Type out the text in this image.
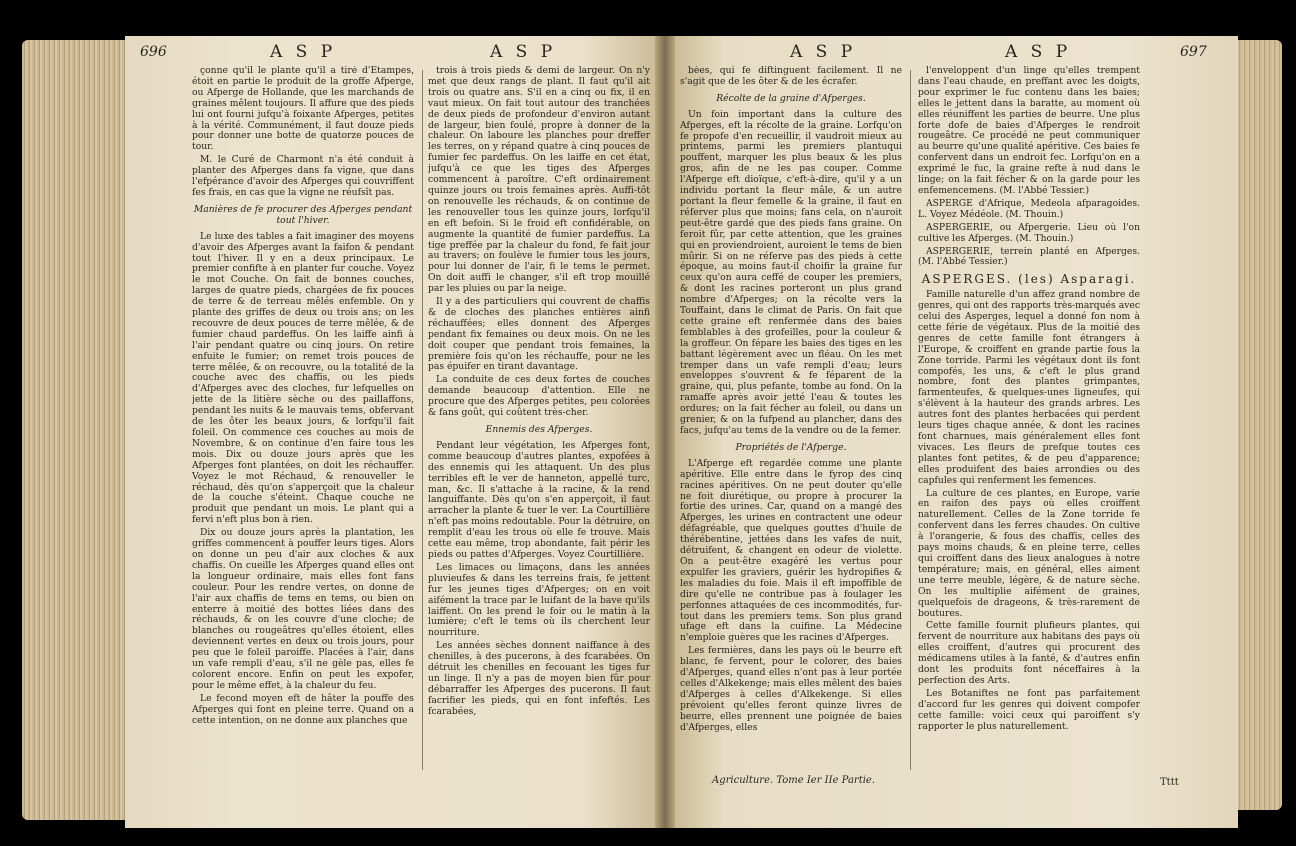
696	A S P	A S P	A S P	A S P	697

çonne qu'il le plante qu'il a tiré d'Etampes, étoit en partie le produit de la groffe Afperge, ou Afperge de Hollande, que les marchands de graines mêlent toujours. Il affure que des pieds lui ont fourni jufqu'à foixante Afperges, petites à la vérité. Communément, il faut douze pieds pour donner une botte de quatorze pouces de tour.

M. le Curé de Charmont n'a été conduit à planter des Afperges dans fa vigne, que dans l'efpérance d'avoir des Afperges qui couvriffent fes frais, en cas que la vigne ne réufsît pas.

Manières de fe procurer des Afperges pendant tout l'hiver.

Le luxe des tables a fait imaginer des moyens d'avoir des Afperges avant la faifon & pendant tout l'hiver. Il y en a deux principaux. Le premier confifte à en planter fur couche. Voyez le mot Couche. On fait de bonnes couches, larges de quatre pieds, chargées de fix pouces de terre & de terreau mêlés enfemble. On y plante des griffes de deux ou trois ans; on les recouvre de deux pouces de terre mêlée, & de fumier chaud pardeffus. On les laiffe ainfi à l'air pendant quatre ou cinq jours. On retire enfuite le fumier; on remet trois pouces de terre mêlée, & on recouvre, ou la totalité de la couche avec des chaffis, ou les pieds d'Afperges avec des cloches, fur lefquelles on jette de la litière sèche ou des paillaffons, pendant les nuits & le mauvais tems, obfervant de les ôter les beaux jours, & lorfqu'il fait foleil. On commence ces couches au mois de Novembre, & on continue d'en faire tous les mois. Dix ou douze jours après que les Afperges font plantées, on doit les réchauffer. Voyez le mot Réchaud, & renouveller le réchaud, dès qu'on s'apperçoit que la chaleur de la couche s'éteint. Chaque couche ne produit que pendant un mois. Le plant qui a fervi n'eft plus bon à rien.

Dix ou douze jours après la plantation, les griffes commencent à pouffer leurs tiges. Alors on donne un peu d'air aux cloches & aux chaffis. On cueille les Afperges quand elles ont la longueur ordinaire, mais elles font fans couleur. Pour les rendre vertes, on donne de l'air aux chaffis de tems en tems, ou bien on enterre à moitié des bottes liées dans des réchauds, & on les couvre d'une cloche; de blanches ou rougeâtres qu'elles étoient, elles deviennent vertes en deux ou trois jours, pour peu que le foleil paroiffe. Placées à l'air, dans un vafe rempli d'eau, s'il ne gèle pas, elles fe colorent encore. Enfin on peut les expofer, pour le même effet, à la chaleur du feu.

Le fecond moyen eft de hâter la pouffe des Afperges qui font en pleine terre. Quand on a cette intention, on ne donne aux planches que

trois à trois pieds & demi de largeur. On n'y met que deux rangs de plant. Il faut qu'il ait trois ou quatre ans. S'il en a cinq ou fix, il en vaut mieux. On fait tout autour des tranchées de deux pieds de profondeur d'environ autant de largeur, bien foulé, propre à donner de la chaleur. On laboure les planches pour dreffer les terres, on y répand quatre à cinq pouces de fumier fec pardeffus. On les laiffe en cet état, jufqu'à ce que les tiges des Afperges commencent à paroître. C'eft ordinairement quinze jours ou trois femaines après. Auffi-tôt on renouvelle les réchauds, & on continue de les renouveller tous les quinze jours, lorfqu'il en eft befoin. Si le froid eft confidérable, on augmente la quantité de fumier pardeffus. La tige preffée par la chaleur du fond, fe fait jour au travers; on foulève le fumier tous les jours, pour lui donner de l'air, fi le tems le permet. On doit auffi le changer, s'il eft trop mouillé par les pluies ou par la neige.

Il y a des particuliers qui couvrent de chaffis & de cloches des planches entières ainfi réchauffées; elles donnent des Afperges pendant fix femaines ou deux mois. On ne les doit couper que pendant trois femaines, la première fois qu'on les réchauffe, pour ne les pas épuifer en tirant davantage.

La conduite de ces deux fortes de couches demande beaucoup d'attention. Elle ne procure que des Afperges petites, peu colorées & fans goût, qui coûtent très-cher.

Ennemis des Afperges.

Pendant leur végétation, les Afperges font, comme beaucoup d'autres plantes, expofées à des ennemis qui les attaquent. Un des plus terribles eft le ver de hanneton, appellé turc, man, &c. Il s'attache à la racine, & la rend languiffante. Dès qu'on s'en apperçoit, il faut arracher la plante & tuer le ver. La Courtillière n'eft pas moins redoutable. Pour la détruire, on remplit d'eau les trous où elle fe trouve. Mais cette eau même, trop abondante, fait périr les pieds ou pattes d'Afperges. Voyez Courtillière.

Les limaces ou limaçons, dans les années pluvieufes & dans les terreins frais, fe jettent fur les jeunes tiges d'Afperges; on en voit aifément la trace par le luifant de la bave qu'ils laiffent. On les prend le foir ou le matin à la lumière; c'eft le tems où ils cherchent leur nourriture.

Les années sèches donnent naiffance à des chenilles, à des pucerons, à des fcarabées. On détruit les chenilles en fecouant les tiges fur un linge. Il n'y a pas de moyen bien fûr pour débarraffer les Afperges des pucerons. Il faut facrifier les pieds, qui en font infeftés. Les fcarabées,

bées, qui fe diftinguent facilement. Il ne s'agit que de les ôter & de les écrafer.

Récolte de la graine d'Afperges.

Un foin important dans la culture des Afperges, eft la récolte de la graine. Lorfqu'on fe propofe d'en recueillir, il vaudroit mieux au printems, parmi les premiers plantuqui pouffent, marquer les plus beaux & les plus gros, afin de ne les pas couper. Comme l'Afperge eft dioïque, c'eft-à-dire, qu'il y a un individu portant la fleur mâle, & un autre portant la fleur femelle & la graine, il faut en réferver plus que moins; fans cela, on n'auroit peut-être gardé que des pieds fans graine. On feroit fûr, par cette attention, que les graines qui en proviendroient, auroient le tems de bien mûrir. Si on ne réferve pas des pieds à cette époque, au moins faut-il choifir la graine fur ceux qu'on aura ceffé de couper les premiers, & dont les racines porteront un plus grand nombre d'Afperges; on la récolte vers la Touffaint, dans le climat de Paris. On fait que cette graine eft renfermée dans des baies femblables à des grofeilles, pour la couleur & la groffeur. On fépare les baies des tiges en les battant légèrement avec un fléau. On les met tremper dans un vafe rempli d'eau; leurs enveloppes s'ouvrent & fe féparent de la graine, qui, plus pefante, tombe au fond. On la ramaffe après avoir jetté l'eau & toutes les ordures; on la fait fécher au foleil, ou dans un grenier, & on la fufpend au plancher, dans des facs, jufqu'au tems de la vendre ou de la femer.

Propriétés de l'Afperge.

L'Afperge eft regardée comme une plante apéritive. Elle entre dans le fyrop des cinq racines apéritives. On ne peut douter qu'elle ne foit diurétique, ou propre à procurer la fortie des urines. Car, quand on a mangé des Afperges, les urines en contractent une odeur défagréable, que quelques gouttes d'huile de thérébentine, jettées dans les vafes de nuit, détruifent, & changent en odeur de violette. On a peut-être exagéré les vertus pour expulfer les graviers, guérir les hydropifies & les maladies du foie. Mais il eft impoffible de dire qu'elle ne contribue pas à foulager les perfonnes attaquées de ces incommodités, fur-tout dans les premiers tems. Son plus grand ufage eft dans la cuifine. La Médecine n'emploie guères que les racines d'Afperges.

Les fermières, dans les pays où le beurre eft blanc, fe fervent, pour le colorer, des baies d'Afperges, quand elles n'ont pas à leur portée celles d'Alkekenge; mais elles mêlent des baies d'Afperges à celles d'Alkekenge. Si elles prévoient qu'elles feront quinze livres de beurre, elles prennent une poignée de baies d'Afperges, elles

l'enveloppent d'un linge qu'elles trempent dans l'eau chaude, en preffant avec les doigts, pour exprimer le fuc contenu dans les baies; elles le jettent dans la baratte, au moment où elles réuniffent les parties de beurre. Une plus forte dofe de baies d'Afperges le rendroit rougeâtre. Ce procédé ne peut communiquer au beurre qu'une qualité apéritive. Ces baies fe confervent dans un endroit fec. Lorfqu'on en a exprimé le fuc, la graine refte à nud dans le linge; on la fait fécher & on la garde pour les enfemencemens. (M. l'Abbé Tessier.)

ASPERGE d'Afrique, Medeola afparagoides. L. Voyez Médéole. (M. Thouin.)

ASPERGERIE, ou Afpergerie. Lieu où l'on cultive les Afperges. (M. Thouin.)

ASPERGERIE, terrein planté en Afperges. (M. l'Abbé Tessier.)

ASPERGES. (les) Asparagi.

Famille naturelle d'un affez grand nombre de genres, qui ont des rapports très-marqués avec celui des Asperges, lequel a donné fon nom à cette férie de végétaux. Plus de la moitié des genres de cette famille font étrangers à l'Europe, & croiffent en grande partie fous la Zone torride. Parmi les végétaux dont ils font compofés, les uns, & c'eft le plus grand nombre, font des plantes grimpantes, farmenteufes, & quelques-unes ligneufes, qui s'élèvent à la hauteur des grands arbres. Les autres font des plantes herbacées qui perdent leurs tiges chaque année, & dont les racines font charnues, mais généralement elles font vivaces. Les fleurs de prefque toutes ces plantes font petites, & de peu d'apparence; elles produifent des baies arrondies ou des capfules qui renferment les femences.

La culture de ces plantes, en Europe, varie en raifon des pays où elles croiffent naturellement. Celles de la Zone torride fe confervent dans les ferres chaudes. On cultive à l'orangerie, & fous des chaffis, celles des pays moins chauds, & en pleine terre, celles qui croiffent dans des lieux analogues à notre température; mais, en général, elles aiment une terre meuble, légère, & de nature sèche. On les multiplie aifément de graines, quelquefois de drageons, & très-rarement de boutures.

Cette famille fournit plufieurs plantes, qui fervent de nourriture aux habitans des pays où elles croiffent, d'autres qui procurent des médicamens utiles à la fanté, & d'autres enfin dont les produits font néceffaires à la perfection des Arts.

Les Botaniftes ne font pas parfaitement d'accord fur les genres qui doivent compofer cette famille: voici ceux qui paroiffent s'y rapporter le plus naturellement.

Agriculture. Tome Ier IIe Partie.	Tttt
